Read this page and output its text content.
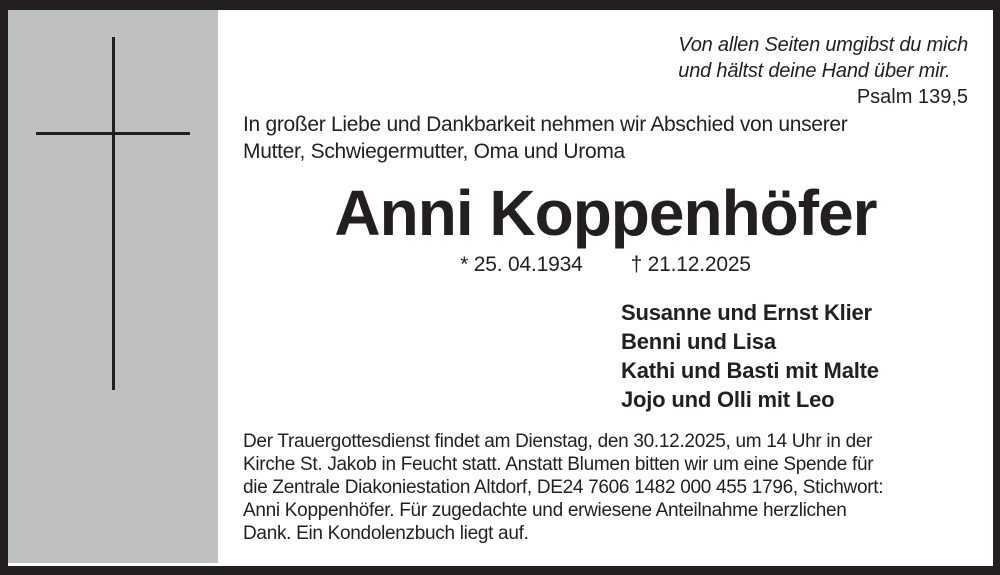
Von allen Seiten umgibst du mich
und hältst deine Hand über mir.
Psalm 139,5
In großer Liebe und Dankbarkeit nehmen wir Abschied von unserer
Mutter, Schwiegermutter, Oma und Uroma
Anni Koppenhöfer
* 25. 04.1934 † 21.12.2025
Susanne und Ernst Klier
Benni und Lisa
Kathi und Basti mit Malte
Jojo und Olli mit Leo
Der Trauergottesdienst findet am Dienstag, den 30.12.2025, um 14 Uhr in der
Kirche St. Jakob in Feucht statt. Anstatt Blumen bitten wir um eine Spende für
die Zentrale Diakoniestation Altdorf, DE24 7606 1482 000 455 1796, Stichwort:
Anni Koppenhöfer. Für zugedachte und erwiesene Anteilnahme herzlichen
Dank. Ein Kondolenzbuch liegt auf.
